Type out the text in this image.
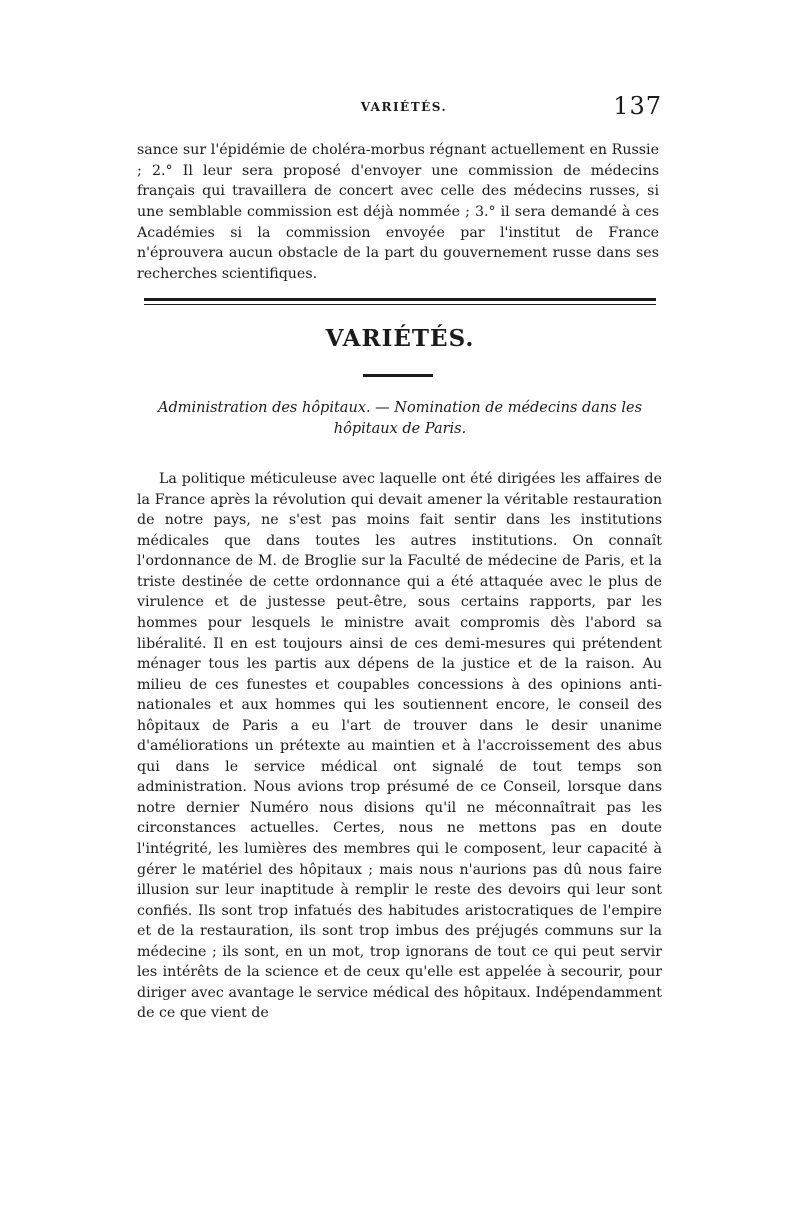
VARIÉTÉS.	137

sance sur l'épidémie de choléra-morbus régnant actuellement en Russie ; 2.° Il leur sera proposé d'envoyer une commission de médecins français qui travaillera de concert avec celle des médecins russes, si une semblable commission est déjà nommée ; 3.° il sera demandé à ces Académies si la commission envoyée par l'institut de France n'éprouvera aucun obstacle de la part du gouvernement russe dans ses recherches scientifiques.

VARIÉTÉS.
Administration des hôpitaux. — Nomination de médecins dans les hôpitaux de Paris.

La politique méticuleuse avec laquelle ont été dirigées les affaires de la France après la révolution qui devait amener la véritable restauration de notre pays, ne s'est pas moins fait sentir dans les institutions médicales que dans toutes les autres institutions. On connaît l'ordonnance de M. de Broglie sur la Faculté de médecine de Paris, et la triste destinée de cette ordonnance qui a été attaquée avec le plus de virulence et de justesse peut-être, sous certains rapports, par les hommes pour lesquels le ministre avait compromis dès l'abord sa libéralité. Il en est toujours ainsi de ces demi-mesures qui prétendent ménager tous les partis aux dépens de la justice et de la raison. Au milieu de ces funestes et coupables concessions à des opinions anti-nationales et aux hommes qui les soutiennent encore, le conseil des hôpitaux de Paris a eu l'art de trouver dans le desir unanime d'améliorations un prétexte au maintien et à l'accroissement des abus qui dans le service médical ont signalé de tout temps son administration. Nous avions trop présumé de ce Conseil, lorsque dans notre dernier Numéro nous disions qu'il ne méconnaîtrait pas les circonstances actuelles. Certes, nous ne mettons pas en doute l'intégrité, les lumières des membres qui le composent, leur capacité à gérer le matériel des hôpitaux ; mais nous n'aurions pas dû nous faire illusion sur leur inaptitude à remplir le reste des devoirs qui leur sont confiés. Ils sont trop infatués des habitudes aristocratiques de l'empire et de la restauration, ils sont trop imbus des préjugés communs sur la médecine ; ils sont, en un mot, trop ignorans de tout ce qui peut servir les intérêts de la science et de ceux qu'elle est appelée à secourir, pour diriger avec avantage le service médical des hôpitaux. Indépendamment de ce que vient de
